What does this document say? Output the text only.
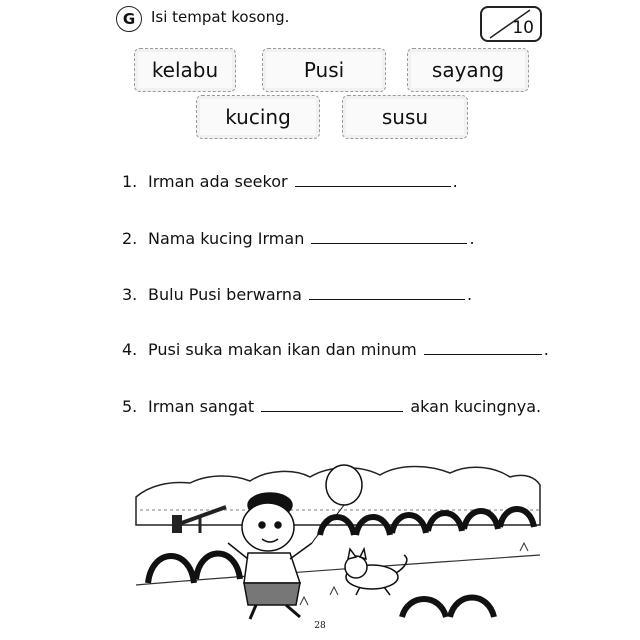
G	Isi tempat kosong.
10
kelabu	Pusi	sayang
kucing	susu
1. Irman ada seekor	.
2. Nama kucing Irman	.
3. Bulu Pusi berwarna	.
4. Pusi suka makan ikan dan minum	.
5. Irman sangat	akan kucingnya.
28
